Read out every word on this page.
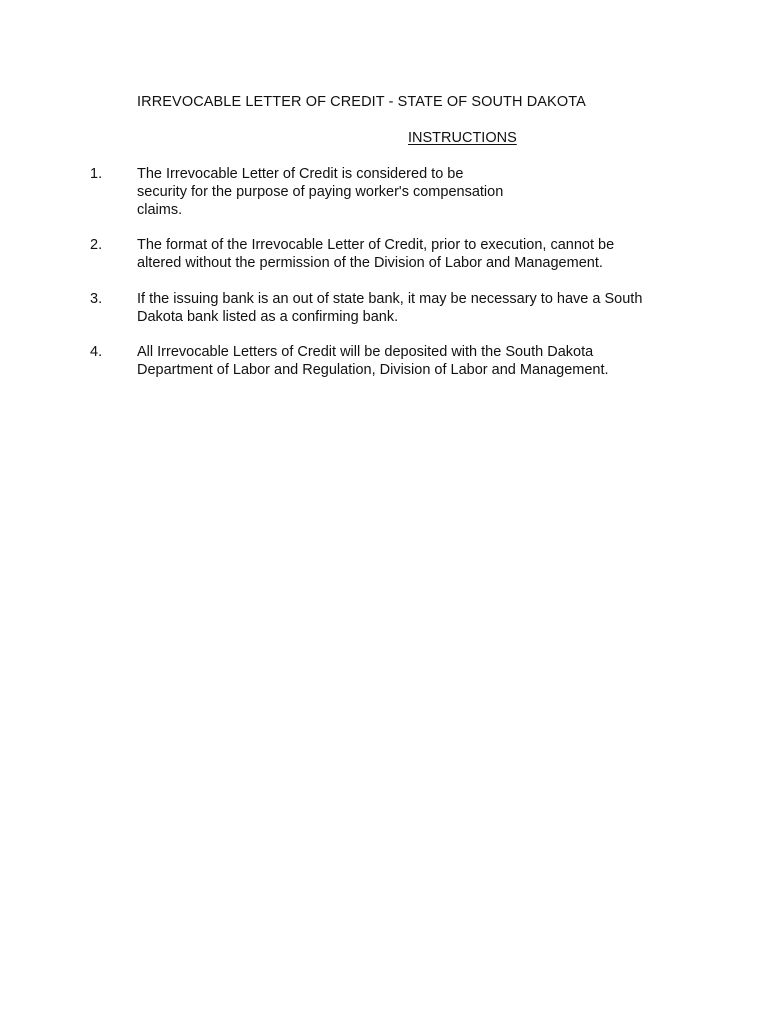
IRREVOCABLE LETTER OF CREDIT - STATE OF SOUTH DAKOTA
INSTRUCTIONS
1. The Irrevocable Letter of Credit is considered to be
security for the purpose of paying worker's compensation
claims.
2. The format of the Irrevocable Letter of Credit, prior to execution, cannot be
altered without the permission of the Division of Labor and Management.
3. If the issuing bank is an out of state bank, it may be necessary to have a South
Dakota bank listed as a confirming bank.
4. All Irrevocable Letters of Credit will be deposited with the South Dakota
Department of Labor and Regulation, Division of Labor and Management.
